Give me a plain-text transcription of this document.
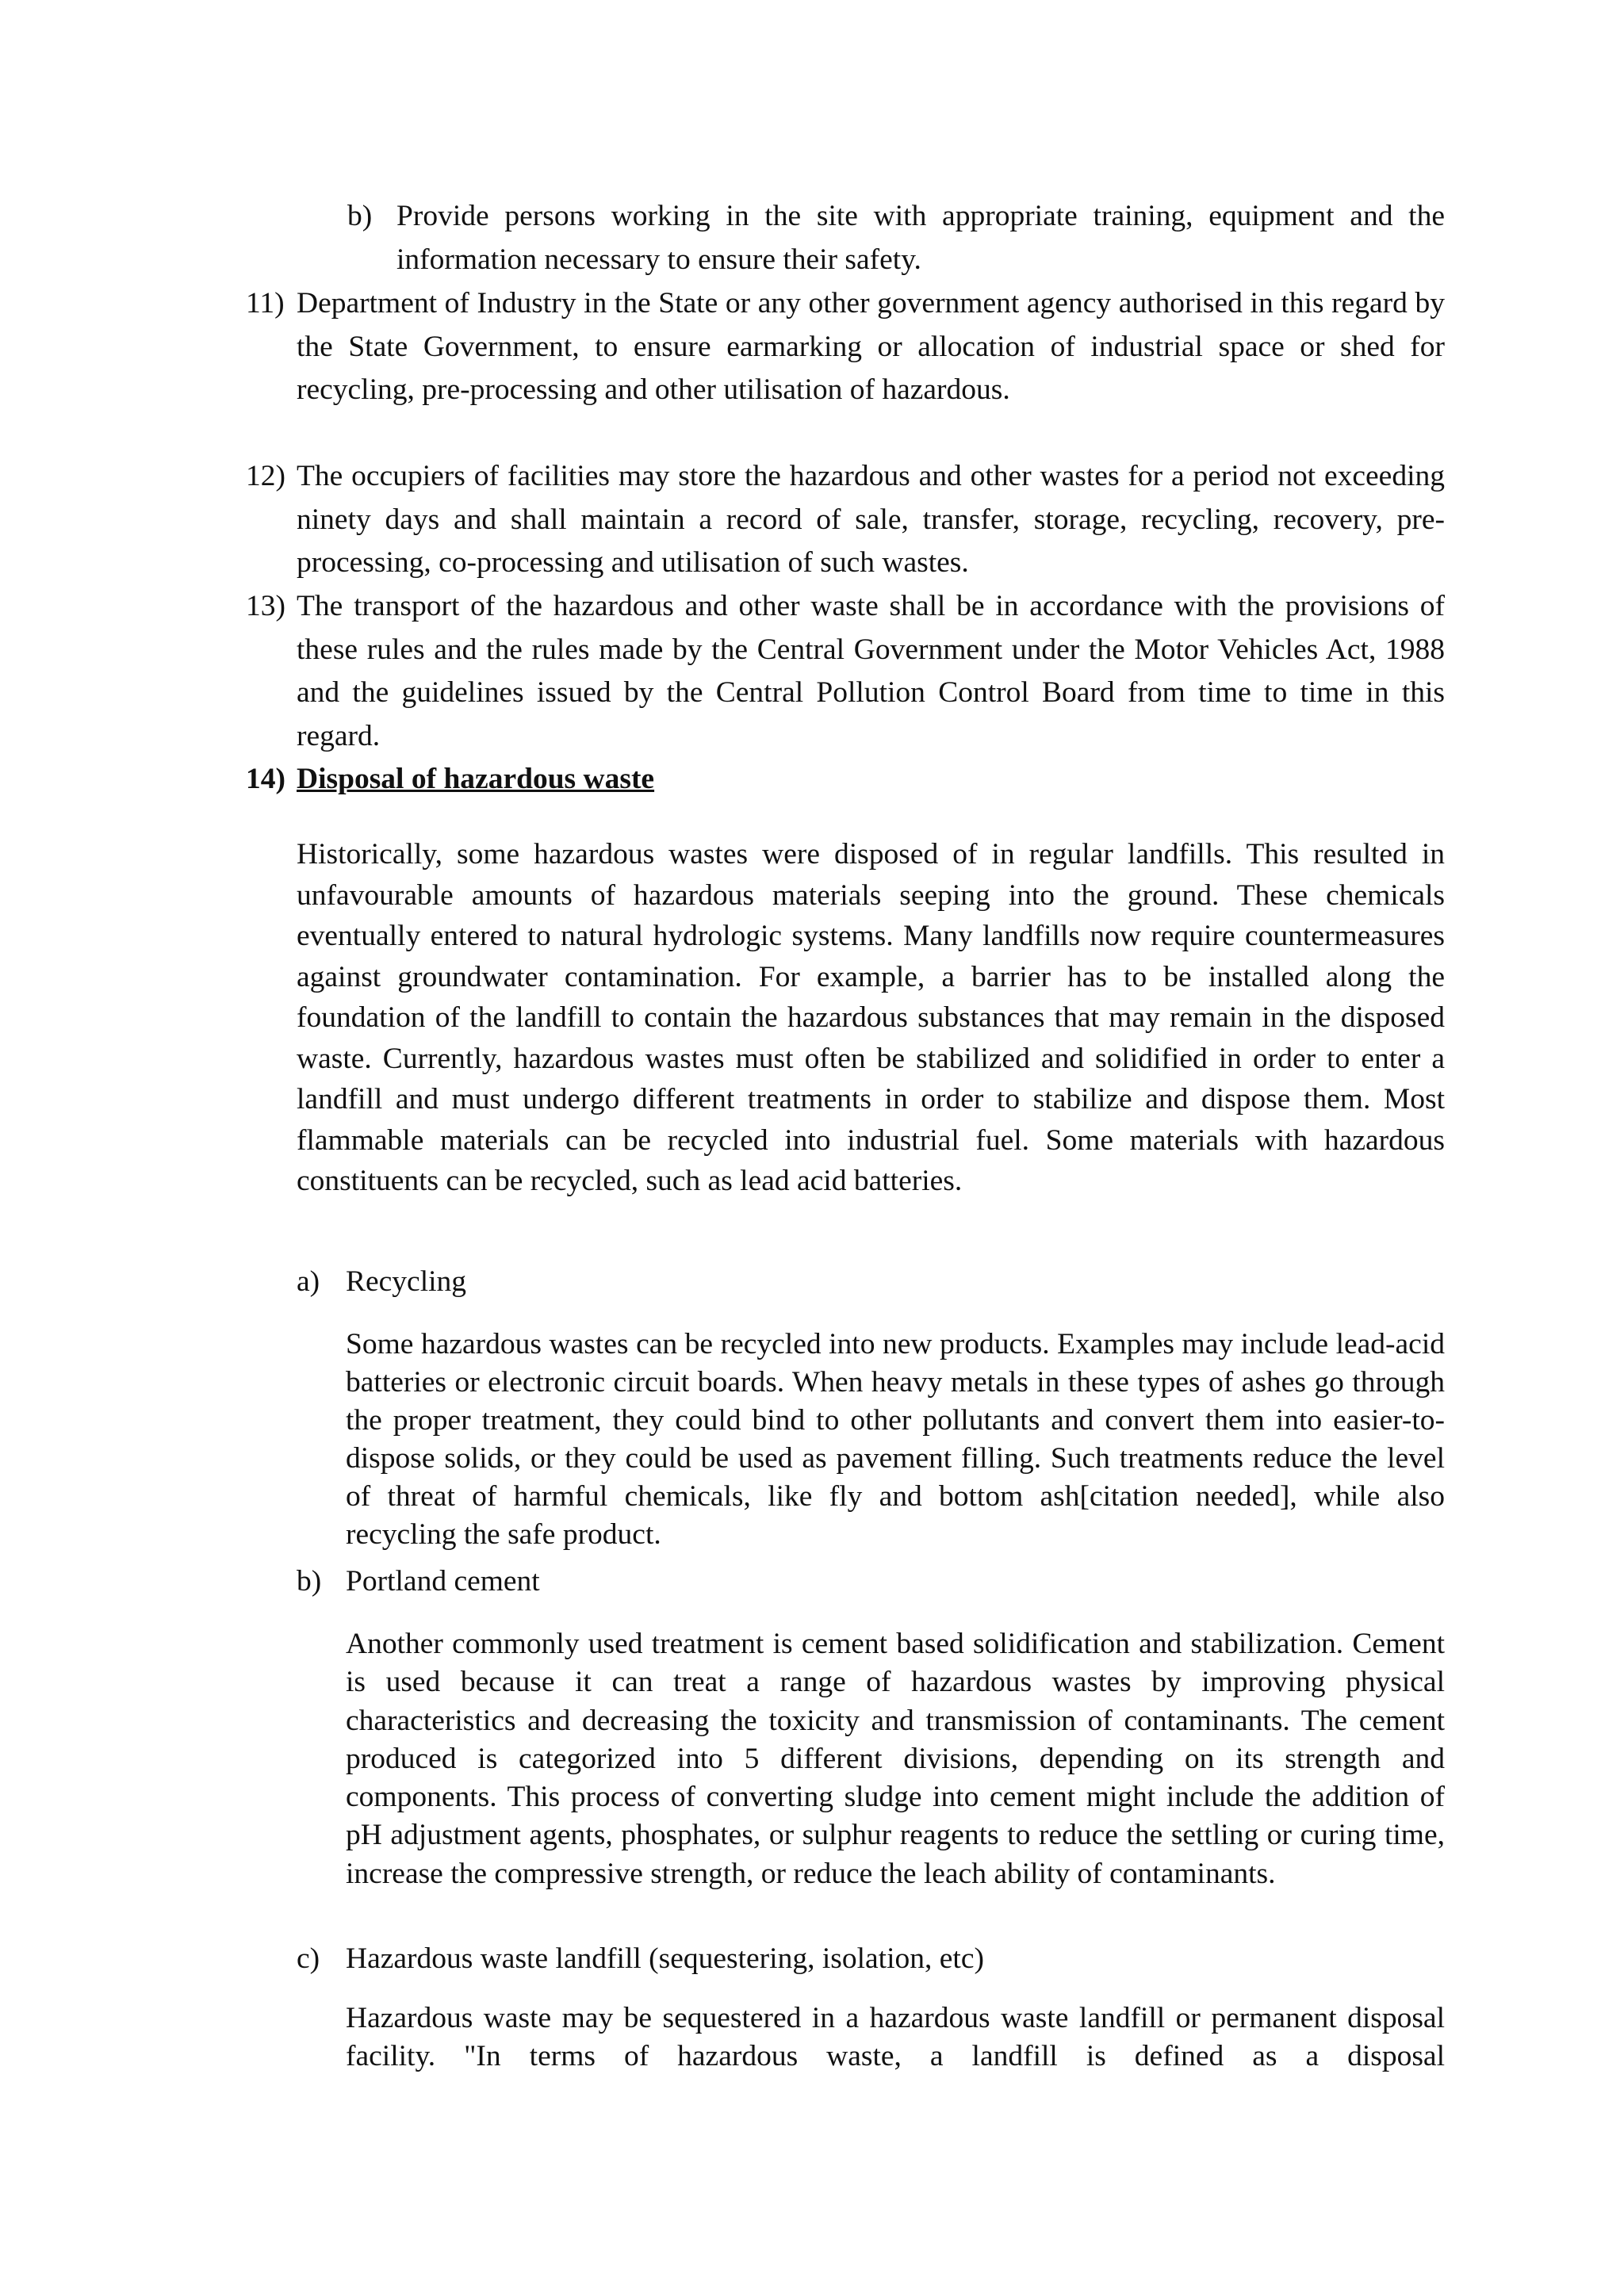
b) Provide persons working in the site with appropriate training, equipment and the information necessary to ensure their safety.
11) Department of Industry in the State or any other government agency authorised in this regard by the State Government, to ensure earmarking or allocation of industrial space or shed for recycling, pre-processing and other utilisation of hazardous.
12) The occupiers of facilities may store the hazardous and other wastes for a period not exceeding ninety days and shall maintain a record of sale, transfer, storage, recycling, recovery, pre-processing, co-processing and utilisation of such wastes.
13) The transport of the hazardous and other waste shall be in accordance with the provisions of these rules and the rules made by the Central Government under the Motor Vehicles Act, 1988 and the guidelines issued by the Central Pollution Control Board from time to time in this regard.
14) Disposal of hazardous waste
Historically, some hazardous wastes were disposed of in regular landfills. This resulted in unfavourable amounts of hazardous materials seeping into the ground. These chemicals eventually entered to natural hydrologic systems. Many landfills now require countermeasures against groundwater contamination. For example, a barrier has to be installed along the foundation of the landfill to contain the hazardous substances that may remain in the disposed waste. Currently, hazardous wastes must often be stabilized and solidified in order to enter a landfill and must undergo different treatments in order to stabilize and dispose them. Most flammable materials can be recycled into industrial fuel. Some materials with hazardous constituents can be recycled, such as lead acid batteries.
a) Recycling
Some hazardous wastes can be recycled into new products. Examples may include lead-acid batteries or electronic circuit boards. When heavy metals in these types of ashes go through the proper treatment, they could bind to other pollutants and convert them into easier-to-dispose solids, or they could be used as pavement filling. Such treatments reduce the level of threat of harmful chemicals, like fly and bottom ash[citation needed], while also recycling the safe product.
b) Portland cement
Another commonly used treatment is cement based solidification and stabilization. Cement is used because it can treat a range of hazardous wastes by improving physical characteristics and decreasing the toxicity and transmission of contaminants. The cement produced is categorized into 5 different divisions, depending on its strength and components. This process of converting sludge into cement might include the addition of pH adjustment agents, phosphates, or sulphur reagents to reduce the settling or curing time, increase the compressive strength, or reduce the leach ability of contaminants.
c) Hazardous waste landfill (sequestering, isolation, etc)
Hazardous waste may be sequestered in a hazardous waste landfill or permanent disposal facility. "In terms of hazardous waste, a landfill is defined as a disposal
